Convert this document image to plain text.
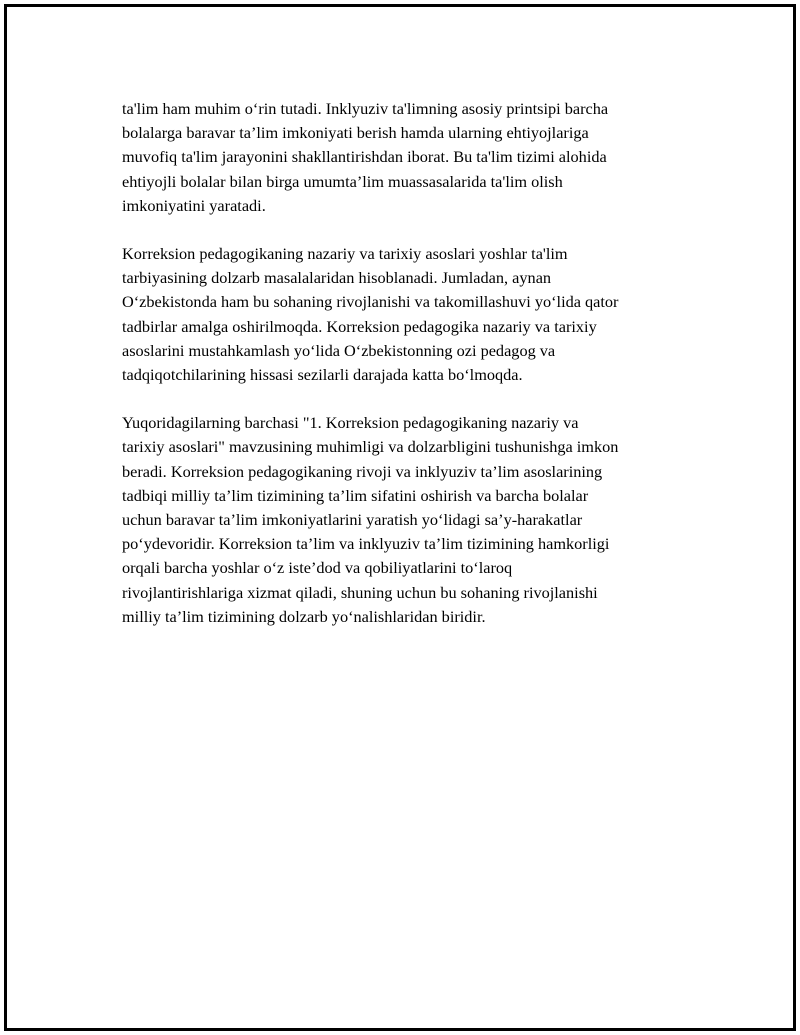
ta'lim ham muhim o‘rin tutadi. Inklyuziv ta'limning asosiy printsipi barcha
bolalarga baravar ta’lim imkoniyati berish hamda ularning ehtiyojlariga
muvofiq ta'lim jarayonini shakllantirishdan iborat. Bu ta'lim tizimi alohida
ehtiyojli bolalar bilan birga umumta’lim muassasalarida ta'lim olish
imkoniyatini yaratadi.

Korreksion pedagogikaning nazariy va tarixiy asoslari yoshlar ta'lim
tarbiyasining dolzarb masalalaridan hisoblanadi. Jumladan, aynan
O‘zbekistonda ham bu sohaning rivojlanishi va takomillashuvi yo‘lida qator
tadbirlar amalga oshirilmoqda. Korreksion pedagogika nazariy va tarixiy
asoslarini mustahkamlash yo‘lida O‘zbekistonning ozi pedagog va
tadqiqotchilarining hissasi sezilarli darajada katta bo‘lmoqda.

Yuqoridagilarning barchasi "1. Korreksion pedagogikaning nazariy va
tarixiy asoslari" mavzusining muhimligi va dolzarbligini tushunishga imkon
beradi. Korreksion pedagogikaning rivoji va inklyuziv ta’lim asoslarining
tadbiqi milliy ta’lim tizimining ta’lim sifatini oshirish va barcha bolalar
uchun baravar ta’lim imkoniyatlarini yaratish yo‘lidagi sa’y-harakatlar
po‘ydevoridir. Korreksion ta’lim va inklyuziv ta’lim tizimining hamkorligi
orqali barcha yoshlar o‘z iste’dod va qobiliyatlarini to‘laroq
rivojlantirishlariga xizmat qiladi, shuning uchun bu sohaning rivojlanishi
milliy ta’lim tizimining dolzarb yo‘nalishlaridan biridir.
